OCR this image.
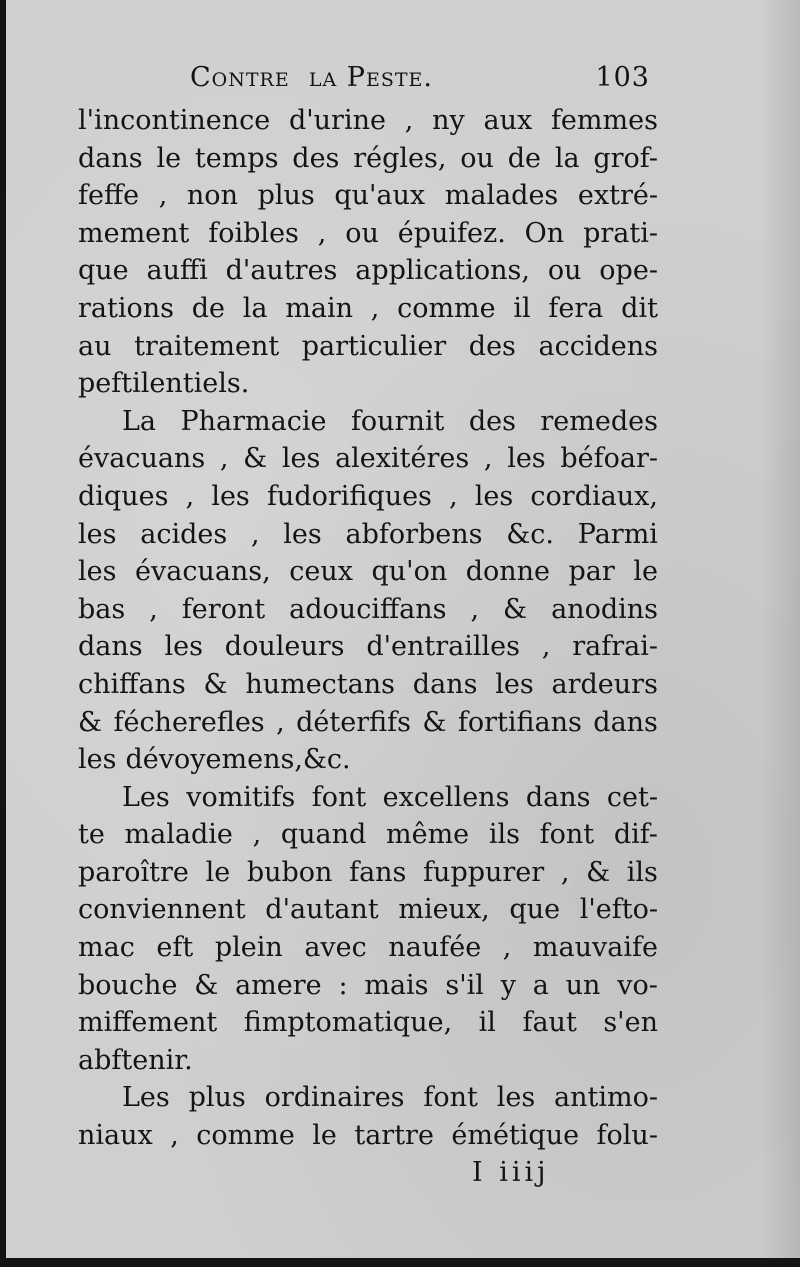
Contre  la Peste.	103
l'incontinence d'urine , ny aux femmes
dans le temps des régles, ou de la grof-
feffe , non plus qu'aux malades extré-
mement foibles , ou épuifez. On prati-
que auffi d'autres applications, ou ope-
rations de la main , comme il fera dit
au traitement particulier des accidens
peftilentiels.
La Pharmacie fournit des remedes
évacuans , & les alexitéres , les béfoar-
diques , les fudorifiques , les cordiaux,
les acides , les abforbens &c. Parmi
les évacuans, ceux qu'on donne par le
bas , feront adouciffans , & anodins
dans les douleurs d'entrailles , rafrai-
chiffans & humectans dans les ardeurs
& fécherefles , déterfifs & fortifians dans
les dévoyemens,&c.
Les vomitifs font excellens dans cet-
te maladie , quand même ils font dif-
paroître le bubon fans fuppurer , & ils
conviennent d'autant mieux, que l'efto-
mac eft plein avec naufée , mauvaife
bouche & amere : mais s'il y a un vo-
miffement fimptomatique, il faut s'en
abftenir.
Les plus ordinaires font les antimo-
niaux , comme le tartre émétique folu-
I iiij
